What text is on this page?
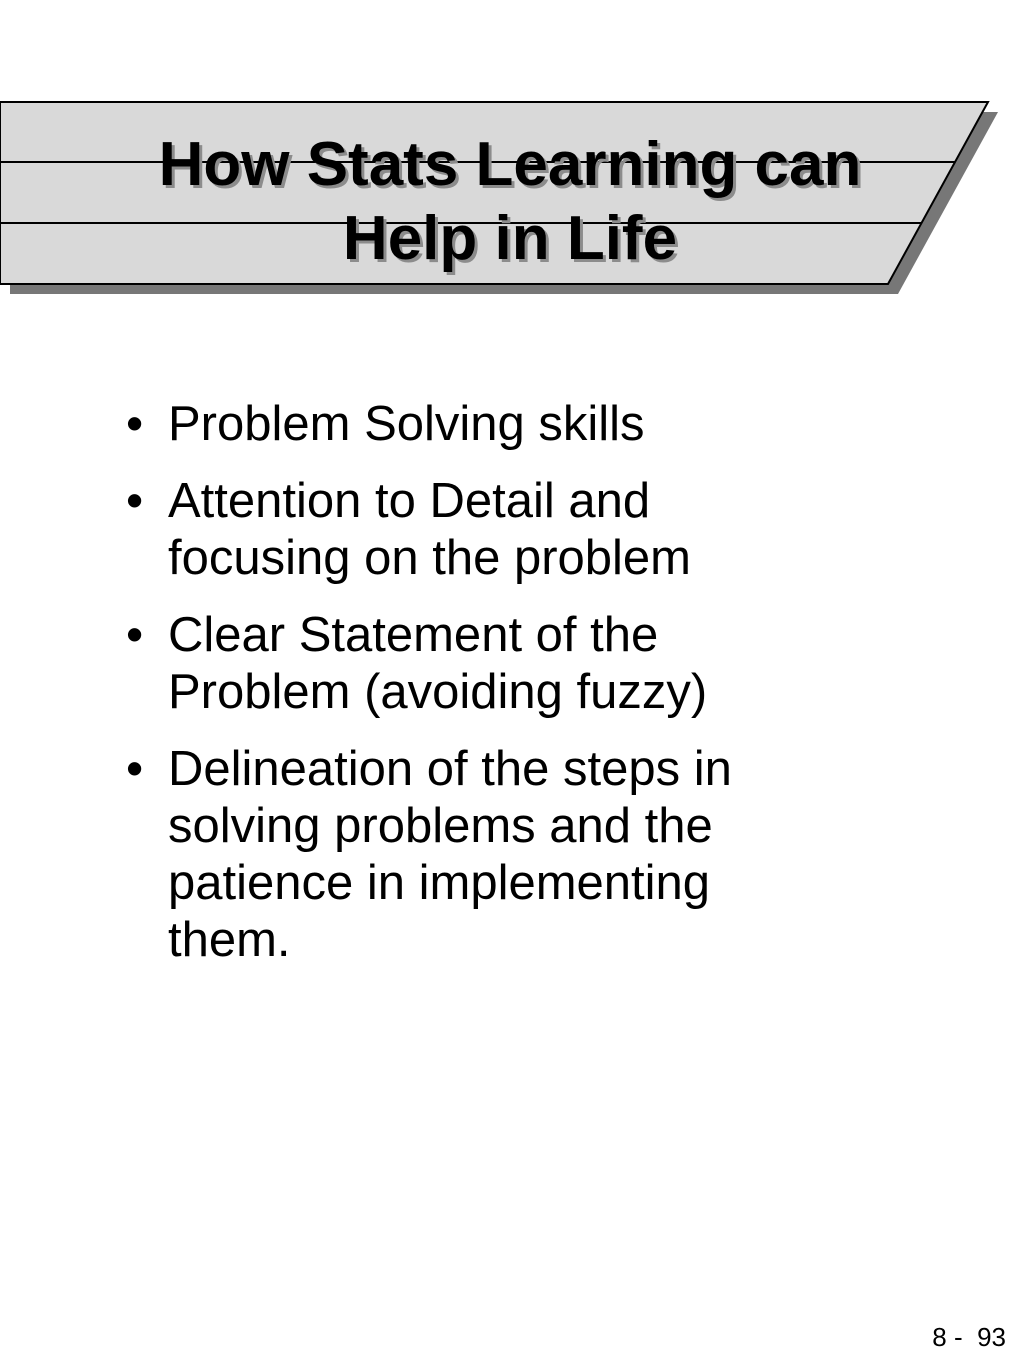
How Stats Learning can
Help in Life
• Problem Solving skills
• Attention to Detail and focusing on the problem
• Clear Statement of the Problem (avoiding fuzzy)
• Delineation of the steps in solving problems and the patience in implementing them.
8 -  93
